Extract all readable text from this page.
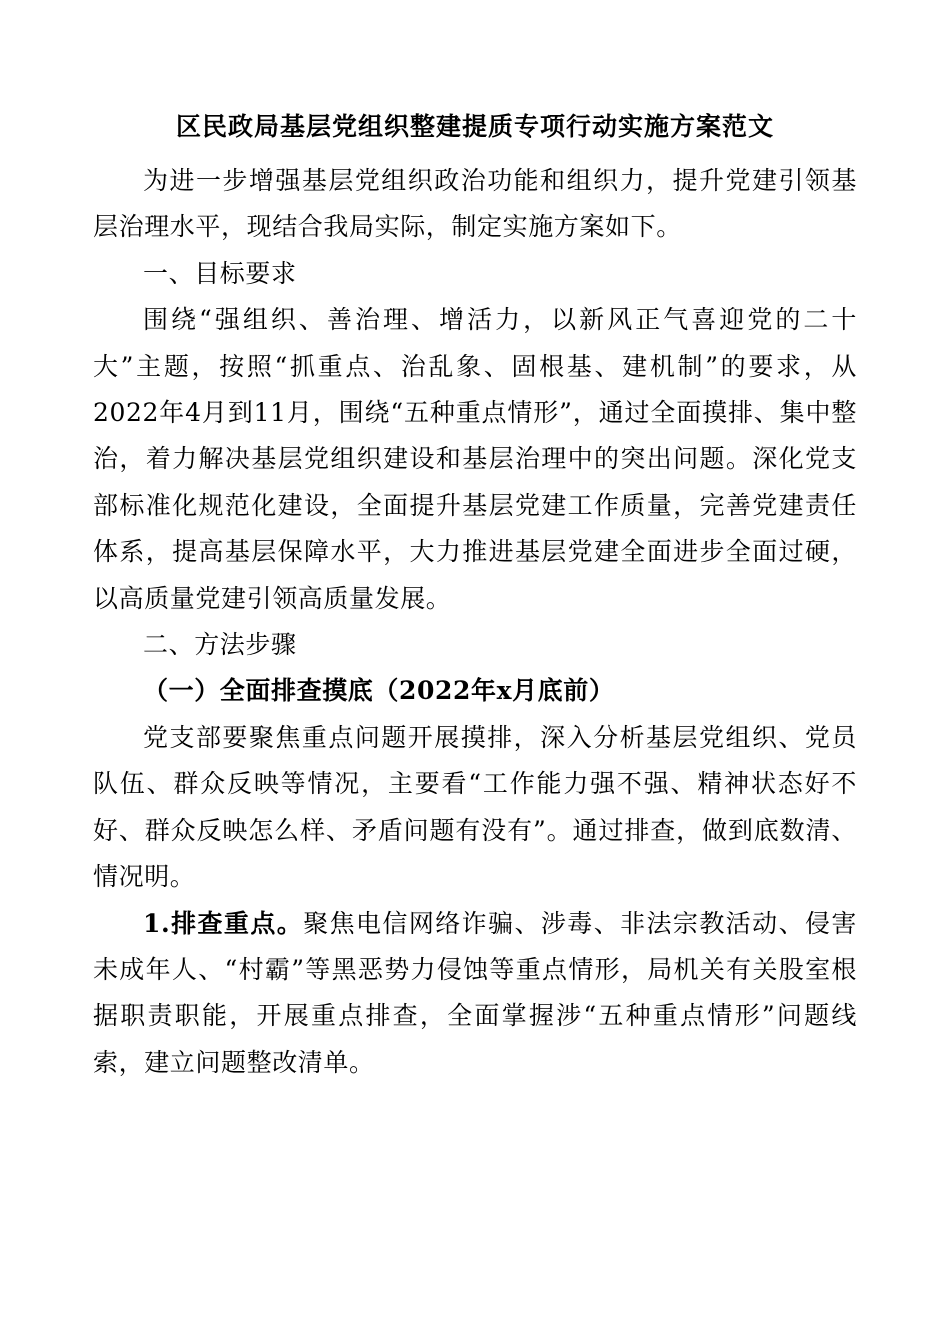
区民政局基层党组织整建提质专项行动实施方案范文

为进一步增强基层党组织政治功能和组织力，提升党建引领基层治理水平，现结合我局实际，制定实施方案如下。

一、目标要求

围绕“强组织、善治理、增活力，以新风正气喜迎党的二十大”主题，按照“抓重点、治乱象、固根基、建机制”的要求，从2022年4月到11月，围绕“五种重点情形”，通过全面摸排、集中整治，着力解决基层党组织建设和基层治理中的突出问题。深化党支部标准化规范化建设，全面提升基层党建工作质量，完善党建责任体系，提高基层保障水平，大力推进基层党建全面进步全面过硬，以高质量党建引领高质量发展。

二、方法步骤

（一）全面排查摸底（2022年x月底前）

党支部要聚焦重点问题开展摸排，深入分析基层党组织、党员队伍、群众反映等情况，主要看“工作能力强不强、精神状态好不好、群众反映怎么样、矛盾问题有没有”。通过排查，做到底数清、情况明。

1.排查重点。聚焦电信网络诈骗、涉毒、非法宗教活动、侵害未成年人、“村霸”等黑恶势力侵蚀等重点情形，局机关有关股室根据职责职能，开展重点排查，全面掌握涉“五种重点情形”问题线索，建立问题整改清单。
